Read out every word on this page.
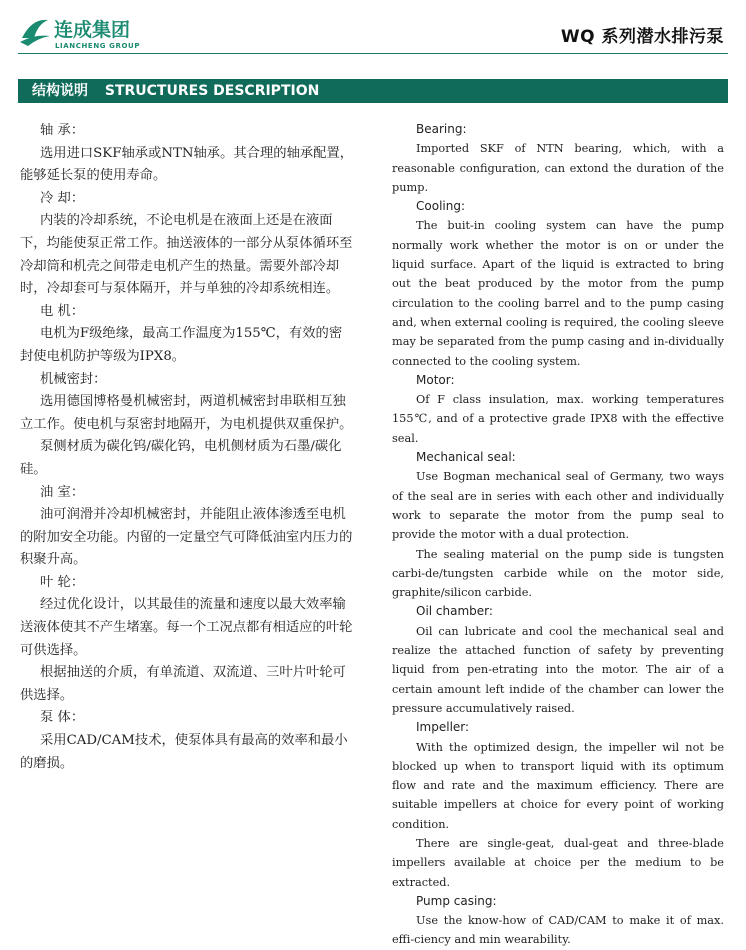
连成集团
LIANCHENG GROUP	WQ 系列潜水排污泵
结构说明 STRUCTURES DESCRIPTION
轴 承：
选用进口SKF轴承或NTN轴承。其合理的轴承配置，能够延长泵的使用寿命。
冷 却：
内装的冷却系统，不论电机是在液面上还是在液面下，均能使泵正常工作。抽送液体的一部分从泵体循环至冷却筒和机壳之间带走电机产生的热量。需要外部冷却时，冷却套可与泵体隔开，并与单独的冷却系统相连。
电 机：
电机为F级绝缘，最高工作温度为155℃，有效的密封使电机防护等级为IPX8。
机械密封：
选用德国博格曼机械密封，两道机械密封串联相互独立工作。使电机与泵密封地隔开，为电机提供双重保护。
泵侧材质为碳化钨/碳化钨，电机侧材质为石墨/碳化硅。
油 室：
油可润滑并冷却机械密封，并能阻止液体渗透至电机的附加安全功能。内留的一定量空气可降低油室内压力的积聚升高。
叶 轮：
经过优化设计，以其最佳的流量和速度以最大效率输送液体使其不产生堵塞。每一个工况点都有相适应的叶轮可供选择。
根据抽送的介质，有单流道、双流道、三叶片叶轮可供选择。
泵 体：
采用CAD/CAM技术，使泵体具有最高的效率和最小的磨损。
Bearing:
Imported SKF of NTN bearing, which, with a reasonable configuration, can extond the duration of the pump.
Cooling:
The buit-in cooling system can have the pump normally work whether the motor is on or under the liquid surface. Apart of the liquid is extracted to bring out the beat produced by the motor from the pump circulation to the cooling barrel and to the pump casing and, when external cooling is required, the cooling sleeve may be separated from the pump casing and in-dividually connected to the cooling system.
Motor:
Of F class insulation, max. working temperatures 155℃, and of a protective grade IPX8 with the effective seal.
Mechanical seal:
Use Bogman mechanical seal of Germany, two ways of the seal are in series with each other and individually work to separate the motor from the pump seal to provide the motor with a dual protection.
The sealing material on the pump side is tungsten carbi-de/tungsten carbide while on the motor side, graphite/silicon carbide.
Oil chamber:
Oil can lubricate and cool the mechanical seal and realize the attached function of safety by preventing liquid from pen-etrating into the motor. The air of a certain amount left indide of the chamber can lower the pressure accumulatively raised.
Impeller:
With the optimized design, the impeller wil not be blocked up when to transport liquid with its optimum flow and rate and the maximum efficiency. There are suitable impellers at choice for every point of working condition.
There are single-geat, dual-geat and three-blade impellers available at choice per the medium to be extracted.
Pump casing:
Use the know-how of CAD/CAM to make it of max. effi-ciency and min wearability.
